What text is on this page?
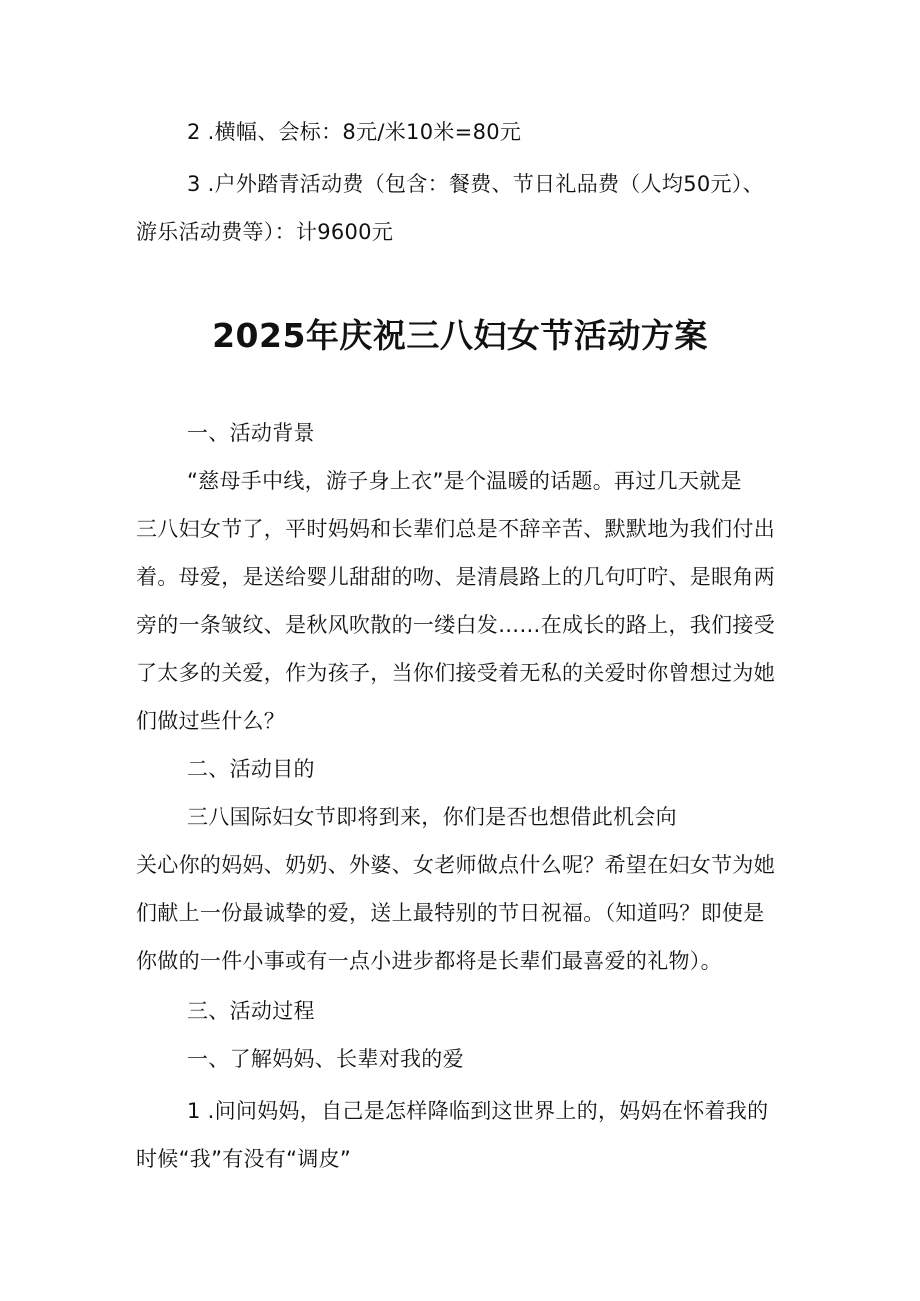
2 .横幅、会标：8元/米10米=80元

3 .户外踏青活动费（包含：餐费、节日礼品费（人均50元）、

游乐活动费等）：计9600元

2025年庆祝三八妇女节活动方案

一、活动背景

“慈母手中线，游子身上衣”是个温暖的话题。再过几天就是

三八妇女节了，平时妈妈和长辈们总是不辞辛苦、默默地为我们付出

着。母爱，是送给婴儿甜甜的吻、是清晨路上的几句叮咛、是眼角两

旁的一条皱纹、是秋风吹散的一缕白发……在成长的路上，我们接受

了太多的关爱，作为孩子，当你们接受着无私的关爱时你曾想过为她

们做过些什么？

二、活动目的

三八国际妇女节即将到来，你们是否也想借此机会向

关心你的妈妈、奶奶、外婆、女老师做点什么呢？希望在妇女节为她

们献上一份最诚挚的爱，送上最特别的节日祝福。（知道吗？即使是

你做的一件小事或有一点小进步都将是长辈们最喜爱的礼物）。

三、活动过程

一、了解妈妈、长辈对我的爱

1 .问问妈妈，自己是怎样降临到这世界上的，妈妈在怀着我的

时候“我”有没有“调皮”
